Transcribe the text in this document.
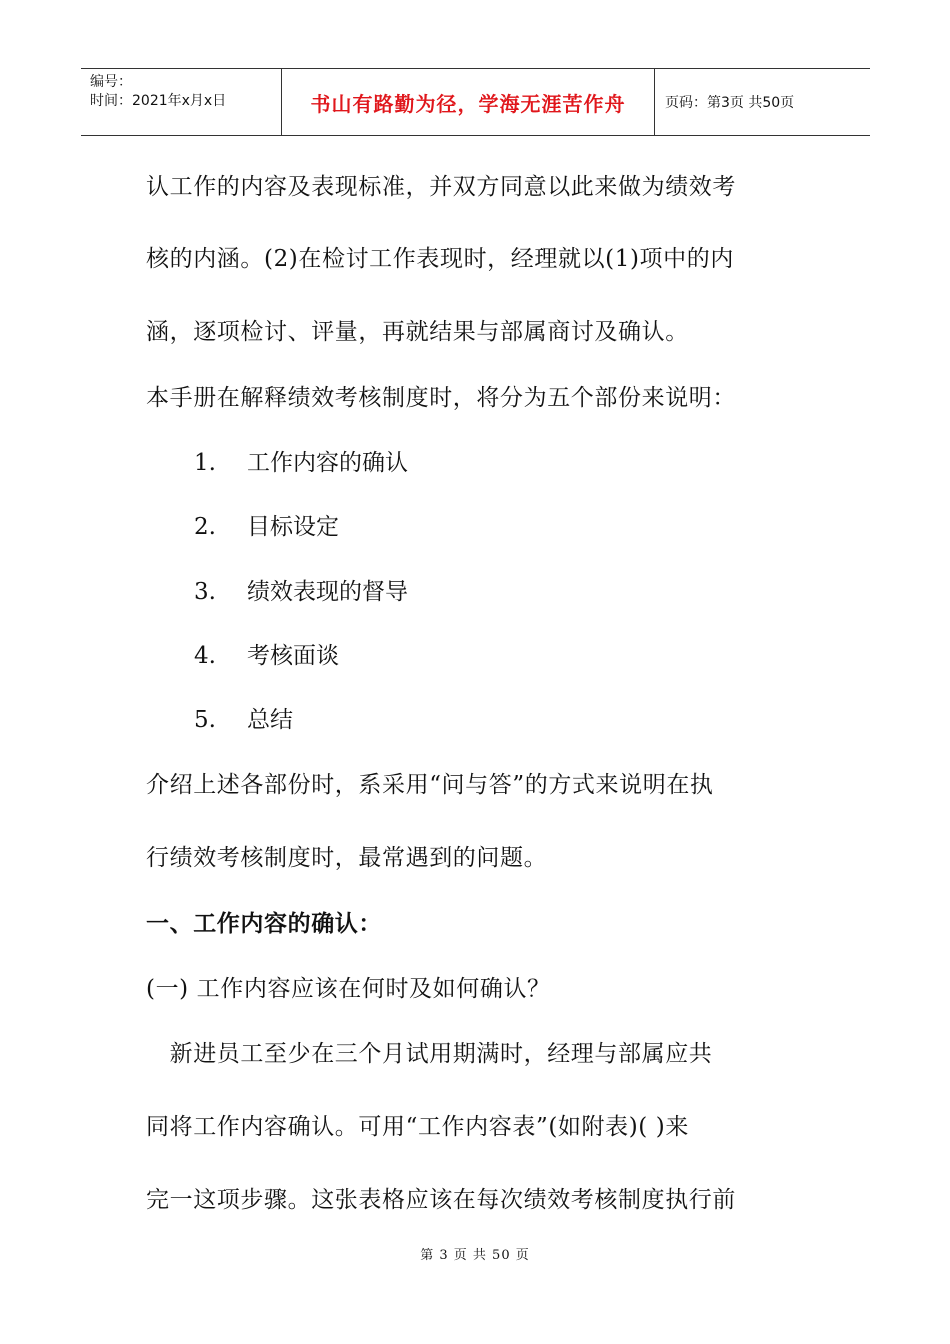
编号：
时间：2021年x月x日	书山有路勤为径，学海无涯苦作舟	页码：第3页 共50页
认工作的内容及表现标准，并双方同意以此来做为绩效考
核的内涵。(2)在检讨工作表现时，经理就以(1)项中的内
涵，逐项检讨、评量，再就结果与部属商讨及确认。
本手册在解释绩效考核制度时，将分为五个部份来说明：
1. 工作内容的确认
2. 目标设定
3. 绩效表现的督导
4. 考核面谈
5. 总结
介绍上述各部份时，系采用“问与答”的方式来说明在执
行绩效考核制度时，最常遇到的问题。
一、工作内容的确认：
(一) 工作内容应该在何时及如何确认？
　新进员工至少在三个月试用期满时，经理与部属应共
同将工作内容确认。可用“工作内容表”(如附表)( )来
完一这项步骤。这张表格应该在每次绩效考核制度执行前
第 3 页 共 50 页
